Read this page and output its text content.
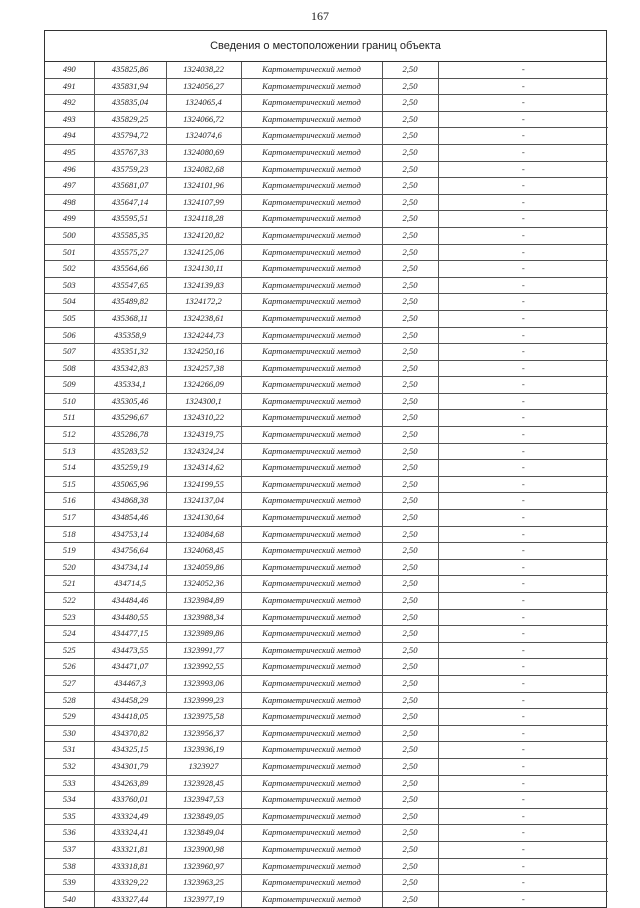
167
Сведения о местоположении границ объекта
490	435825,86	1324038,22	Картометрический метод	2,50	-
491	435831,94	1324056,27	Картометрический метод	2,50	-
492	435835,04	1324065,4	Картометрический метод	2,50	-
493	435829,25	1324066,72	Картометрический метод	2,50	-
494	435794,72	1324074,6	Картометрический метод	2,50	-
495	435767,33	1324080,69	Картометрический метод	2,50	-
496	435759,23	1324082,68	Картометрический метод	2,50	-
497	435681,07	1324101,96	Картометрический метод	2,50	-
498	435647,14	1324107,99	Картометрический метод	2,50	-
499	435595,51	1324118,28	Картометрический метод	2,50	-
500	435585,35	1324120,82	Картометрический метод	2,50	-
501	435575,27	1324125,06	Картометрический метод	2,50	-
502	435564,66	1324130,11	Картометрический метод	2,50	-
503	435547,65	1324139,83	Картометрический метод	2,50	-
504	435489,82	1324172,2	Картометрический метод	2,50	-
505	435368,11	1324238,61	Картометрический метод	2,50	-
506	435358,9	1324244,73	Картометрический метод	2,50	-
507	435351,32	1324250,16	Картометрический метод	2,50	-
508	435342,83	1324257,38	Картометрический метод	2,50	-
509	435334,1	1324266,09	Картометрический метод	2,50	-
510	435305,46	1324300,1	Картометрический метод	2,50	-
511	435296,67	1324310,22	Картометрический метод	2,50	-
512	435286,78	1324319,75	Картометрический метод	2,50	-
513	435283,52	1324324,24	Картометрический метод	2,50	-
514	435259,19	1324314,62	Картометрический метод	2,50	-
515	435065,96	1324199,55	Картометрический метод	2,50	-
516	434868,38	1324137,04	Картометрический метод	2,50	-
517	434854,46	1324130,64	Картометрический метод	2,50	-
518	434753,14	1324084,68	Картометрический метод	2,50	-
519	434756,64	1324068,45	Картометрический метод	2,50	-
520	434734,14	1324059,86	Картометрический метод	2,50	-
521	434714,5	1324052,36	Картометрический метод	2,50	-
522	434484,46	1323984,89	Картометрический метод	2,50	-
523	434480,55	1323988,34	Картометрический метод	2,50	-
524	434477,15	1323989,86	Картометрический метод	2,50	-
525	434473,55	1323991,77	Картометрический метод	2,50	-
526	434471,07	1323992,55	Картометрический метод	2,50	-
527	434467,3	1323993,06	Картометрический метод	2,50	-
528	434458,29	1323999,23	Картометрический метод	2,50	-
529	434418,05	1323975,58	Картометрический метод	2,50	-
530	434370,82	1323956,37	Картометрический метод	2,50	-
531	434325,15	1323936,19	Картометрический метод	2,50	-
532	434301,79	1323927	Картометрический метод	2,50	-
533	434263,89	1323928,45	Картометрический метод	2,50	-
534	433760,01	1323947,53	Картометрический метод	2,50	-
535	433324,49	1323849,05	Картометрический метод	2,50	-
536	433324,41	1323849,04	Картометрический метод	2,50	-
537	433321,81	1323900,98	Картометрический метод	2,50	-
538	433318,81	1323960,97	Картометрический метод	2,50	-
539	433329,22	1323963,25	Картометрический метод	2,50	-
540	433327,44	1323977,19	Картометрический метод	2,50	-
